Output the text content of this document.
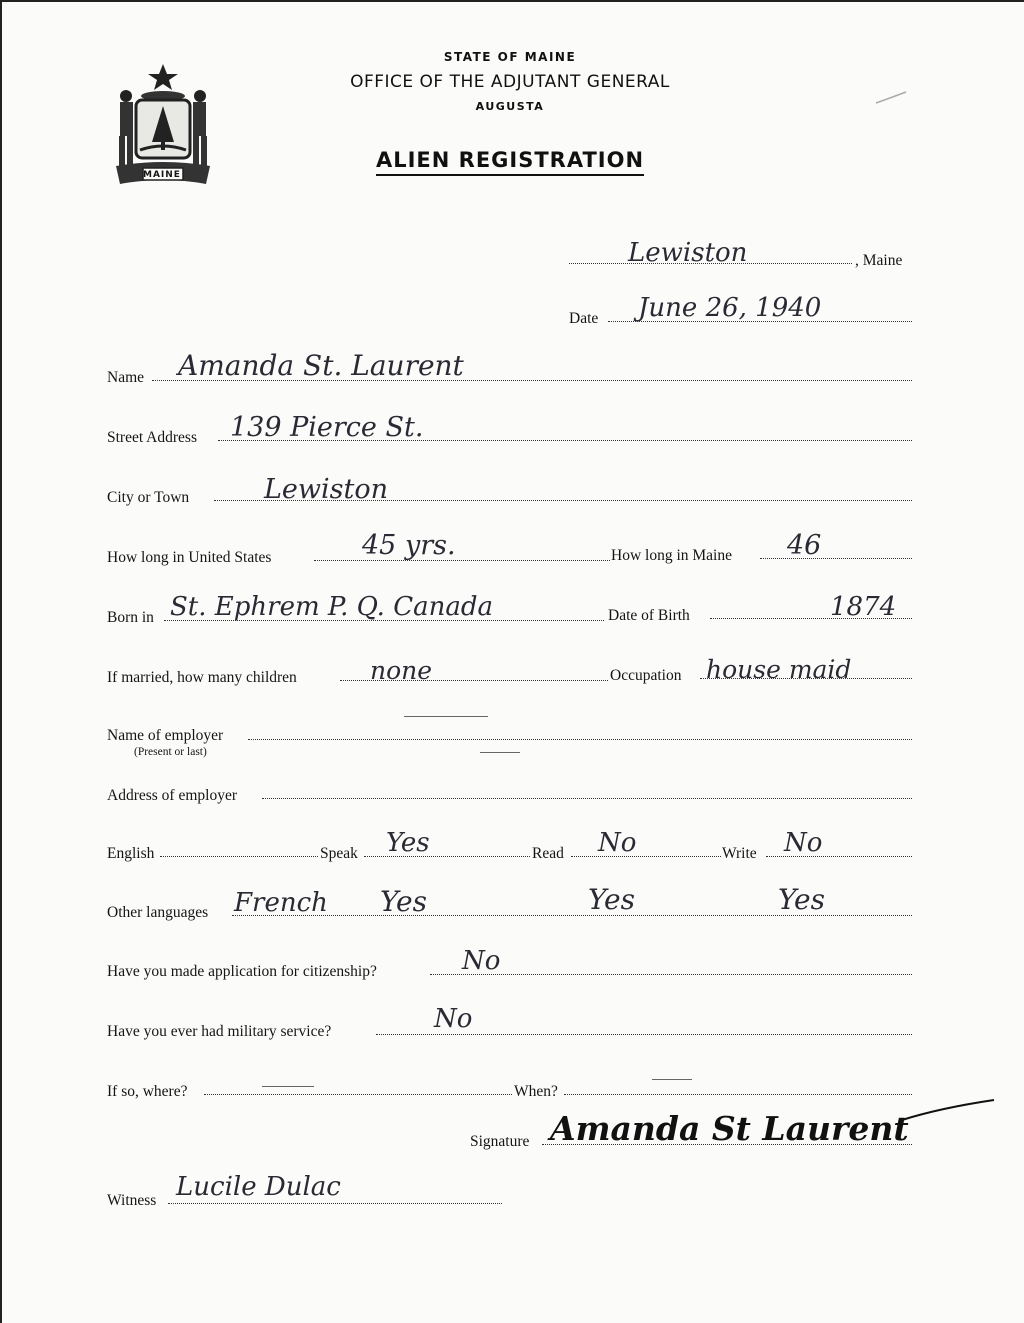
MAINE
STATE OF MAINE
OFFICE OF THE ADJUTANT GENERAL
AUGUSTA
ALIEN REGISTRATION
Lewiston	, Maine
Date June 26, 1940
Name Amanda St. Laurent
Street Address 139 Pierce St.
City or Town	Lewiston
How long in United States	45 yrs.	How long in Maine 46
Born in St. Ephrem P. Q. Canada	Date of Birth	1874
If married, how many children	none	Occupation house maid
Name of employer
(Present or last)
Address of employer
English	Speak Yes	Read No	Write No
Other languages French Yes	Yes	Yes
Have you made application for citizenship?	No
Have you ever had military service?	No
If so, where?	When?
Signature Amanda St Laurent
Witness Lucile Dulac
